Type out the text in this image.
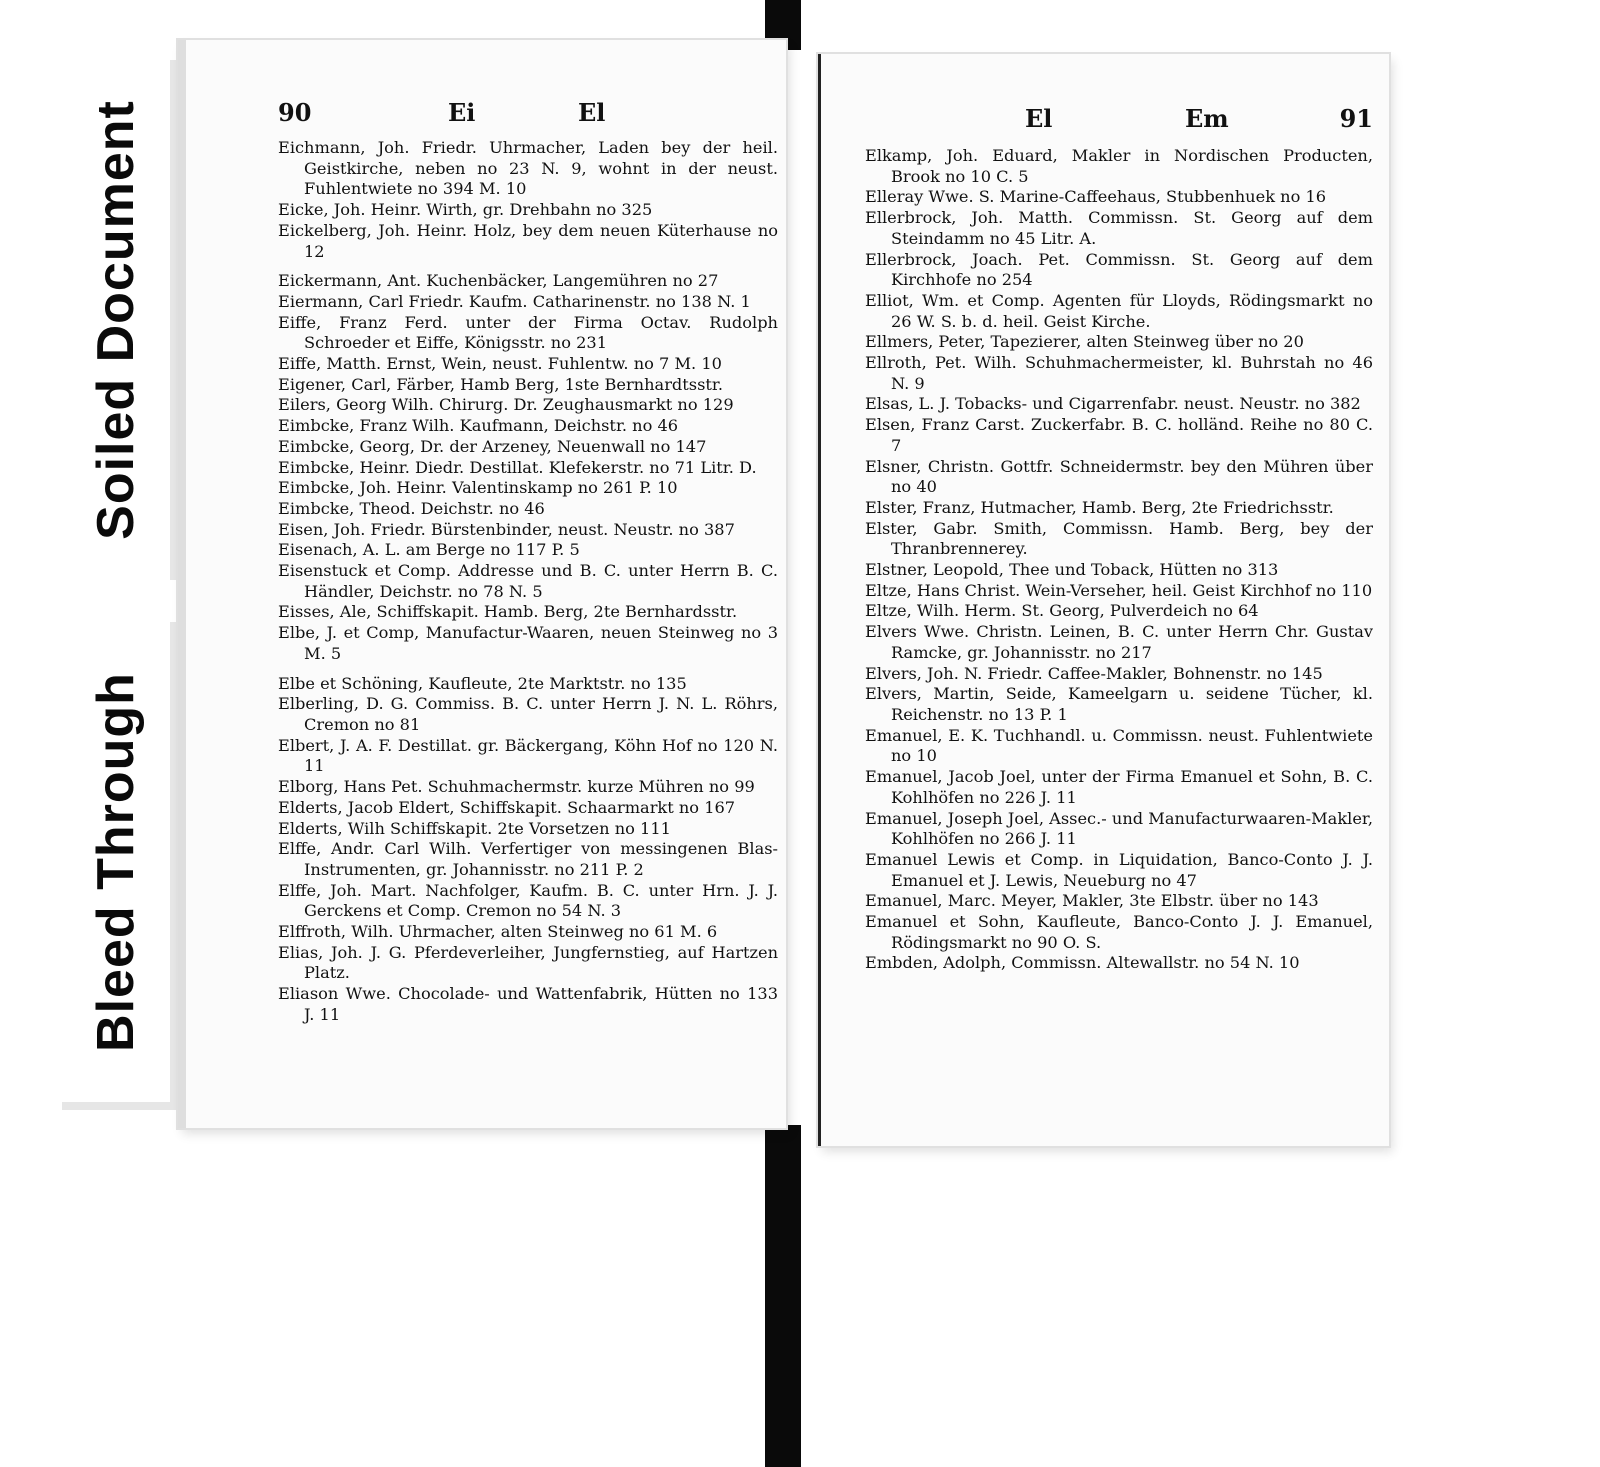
Soiled Document
Bleed Through
90	Ei	El

Eichmann, Joh. Friedr. Uhrmacher, Laden bey der heil. Geistkirche, neben no 23 N. 9, wohnt in der neust. Fuhlentwiete no 394 M. 10

Eicke, Joh. Heinr. Wirth, gr. Drehbahn no 325

Eickelberg, Joh. Heinr. Holz, bey dem neuen Küterhause no 12

Eickermann, Ant. Kuchenbäcker, Langemühren no 27

Eiermann, Carl Friedr. Kaufm. Catharinenstr. no 138 N. 1

Eiffe, Franz Ferd. unter der Firma Octav. Rudolph Schroeder et Eiffe, Königsstr. no 231

Eiffe, Matth. Ernst, Wein, neust. Fuhlentw. no 7 M. 10

Eigener, Carl, Färber, Hamb Berg, 1ste Bernhardtsstr.

Eilers, Georg Wilh. Chirurg. Dr. Zeughausmarkt no 129

Eimbcke, Franz Wilh. Kaufmann, Deichstr. no 46

Eimbcke, Georg, Dr. der Arzeney, Neuenwall no 147

Eimbcke, Heinr. Diedr. Destillat. Klefekerstr. no 71 Litr. D.

Eimbcke, Joh. Heinr. Valentinskamp no 261 P. 10

Eimbcke, Theod. Deichstr. no 46

Eisen, Joh. Friedr. Bürstenbinder, neust. Neustr. no 387

Eisenach, A. L. am Berge no 117 P. 5

Eisenstuck et Comp. Addresse und B. C. unter Herrn B. C. Händler, Deichstr. no 78 N. 5

Eisses, Ale, Schiffskapit. Hamb. Berg, 2te Bernhardsstr.

Elbe, J. et Comp, Manufactur-Waaren, neuen Steinweg no 3 M. 5

Elbe et Schöning, Kaufleute, 2te Marktstr. no 135

Elberling, D. G. Commiss. B. C. unter Herrn J. N. L. Röhrs, Cremon no 81

Elbert, J. A. F. Destillat. gr. Bäckergang, Köhn Hof no 120 N. 11

Elborg, Hans Pet. Schuhmachermstr. kurze Mühren no 99

Elderts, Jacob Eldert, Schiffskapit. Schaarmarkt no 167

Elderts, Wilh Schiffskapit. 2te Vorsetzen no 111

Elffe, Andr. Carl Wilh. Verfertiger von messingenen Blas-Instrumenten, gr. Johannisstr. no 211 P. 2

Elffe, Joh. Mart. Nachfolger, Kaufm. B. C. unter Hrn. J. J. Gerckens et Comp. Cremon no 54 N. 3

Elffroth, Wilh. Uhrmacher, alten Steinweg no 61 M. 6

Elias, Joh. J. G. Pferdeverleiher, Jungfernstieg, auf Hartzen Platz.

Eliason Wwe. Chocolade- und Wattenfabrik, Hütten no 133 J. 11

El	Em	91

Elkamp, Joh. Eduard, Makler in Nordischen Producten, Brook no 10 C. 5

Elleray Wwe. S. Marine-Caffeehaus, Stubbenhuek no 16

Ellerbrock, Joh. Matth. Commissn. St. Georg auf dem Steindamm no 45 Litr. A.

Ellerbrock, Joach. Pet. Commissn. St. Georg auf dem Kirchhofe no 254

Elliot, Wm. et Comp. Agenten für Lloyds, Rödingsmarkt no 26 W. S. b. d. heil. Geist Kirche.

Ellmers, Peter, Tapezierer, alten Steinweg über no 20

Ellroth, Pet. Wilh. Schuhmachermeister, kl. Buhrstah no 46 N. 9

Elsas, L. J. Tobacks- und Cigarrenfabr. neust. Neustr. no 382

Elsen, Franz Carst. Zuckerfabr. B. C. holländ. Reihe no 80 C. 7

Elsner, Christn. Gottfr. Schneidermstr. bey den Mühren über no 40

Elster, Franz, Hutmacher, Hamb. Berg, 2te Friedrichsstr.

Elster, Gabr. Smith, Commissn. Hamb. Berg, bey der Thranbrennerey.

Elstner, Leopold, Thee und Toback, Hütten no 313

Eltze, Hans Christ. Wein-Verseher, heil. Geist Kirchhof no 110

Eltze, Wilh. Herm. St. Georg, Pulverdeich no 64

Elvers Wwe. Christn. Leinen, B. C. unter Herrn Chr. Gustav Ramcke, gr. Johannisstr. no 217

Elvers, Joh. N. Friedr. Caffee-Makler, Bohnenstr. no 145

Elvers, Martin, Seide, Kameelgarn u. seidene Tücher, kl. Reichenstr. no 13 P. 1

Emanuel, E. K. Tuchhandl. u. Commissn. neust. Fuhlentwiete no 10

Emanuel, Jacob Joel, unter der Firma Emanuel et Sohn, B. C. Kohlhöfen no 226 J. 11

Emanuel, Joseph Joel, Assec.- und Manufacturwaaren-Makler, Kohlhöfen no 266 J. 11

Emanuel Lewis et Comp. in Liquidation, Banco-Conto J. J. Emanuel et J. Lewis, Neueburg no 47

Emanuel, Marc. Meyer, Makler, 3te Elbstr. über no 143

Emanuel et Sohn, Kaufleute, Banco-Conto J. J. Emanuel, Rödingsmarkt no 90 O. S.

Embden, Adolph, Commissn. Altewallstr. no 54 N. 10
